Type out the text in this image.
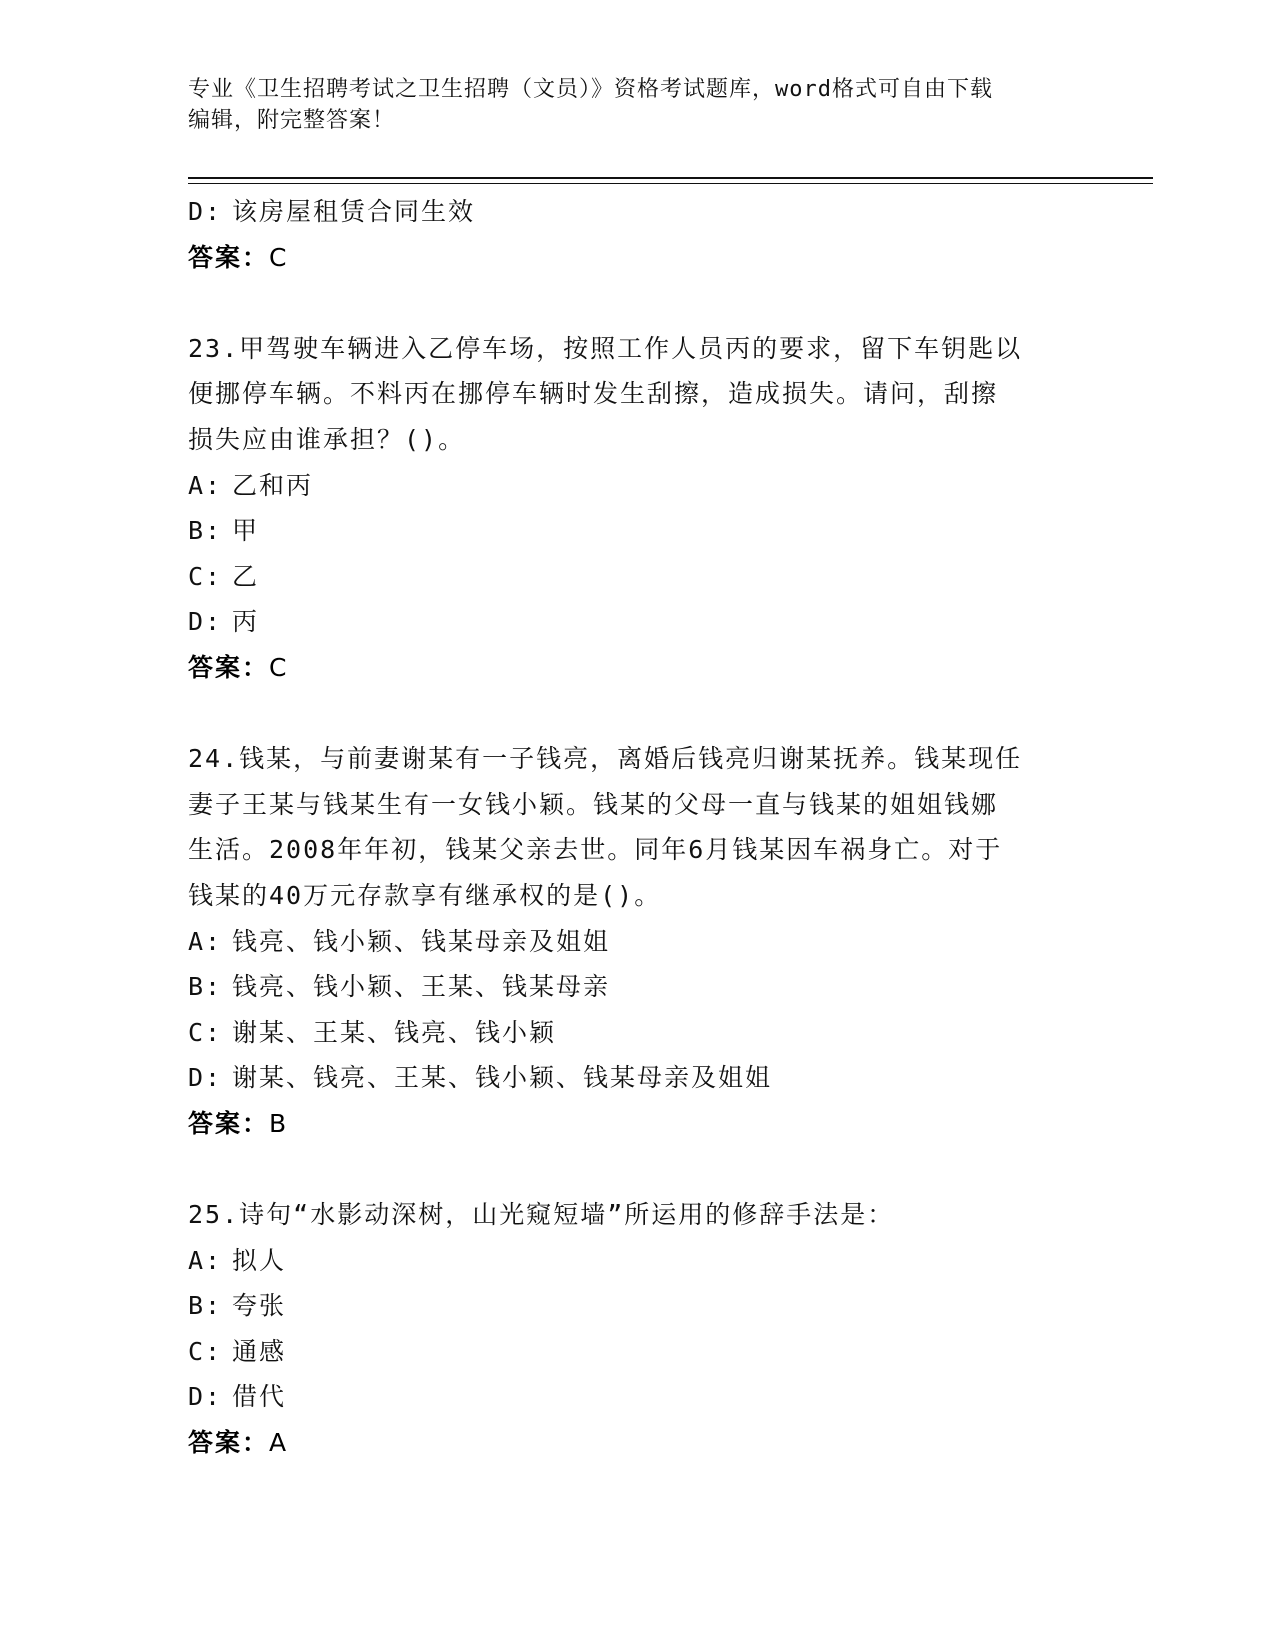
专业《卫生招聘考试之卫生招聘（文员）》资格考试题库，word格式可自由下载
编辑，附完整答案！
D: 该房屋租赁合同生效
答案：C
23.甲驾驶车辆进入乙停车场，按照工作人员丙的要求，留下车钥匙以
便挪停车辆。不料丙在挪停车辆时发生刮擦，造成损失。请问，刮擦
损失应由谁承担？()。
A: 乙和丙
B: 甲
C: 乙
D: 丙
答案：C
24.钱某，与前妻谢某有一子钱亮，离婚后钱亮归谢某抚养。钱某现任
妻子王某与钱某生有一女钱小颖。钱某的父母一直与钱某的姐姐钱娜
生活。2008年年初，钱某父亲去世。同年6月钱某因车祸身亡。对于
钱某的40万元存款享有继承权的是()。
A: 钱亮、钱小颖、钱某母亲及姐姐
B: 钱亮、钱小颖、王某、钱某母亲
C: 谢某、王某、钱亮、钱小颖
D: 谢某、钱亮、王某、钱小颖、钱某母亲及姐姐
答案：B
25.诗句“水影动深树，山光窥短墙”所运用的修辞手法是：
A: 拟人
B: 夸张
C: 通感
D: 借代
答案：A
